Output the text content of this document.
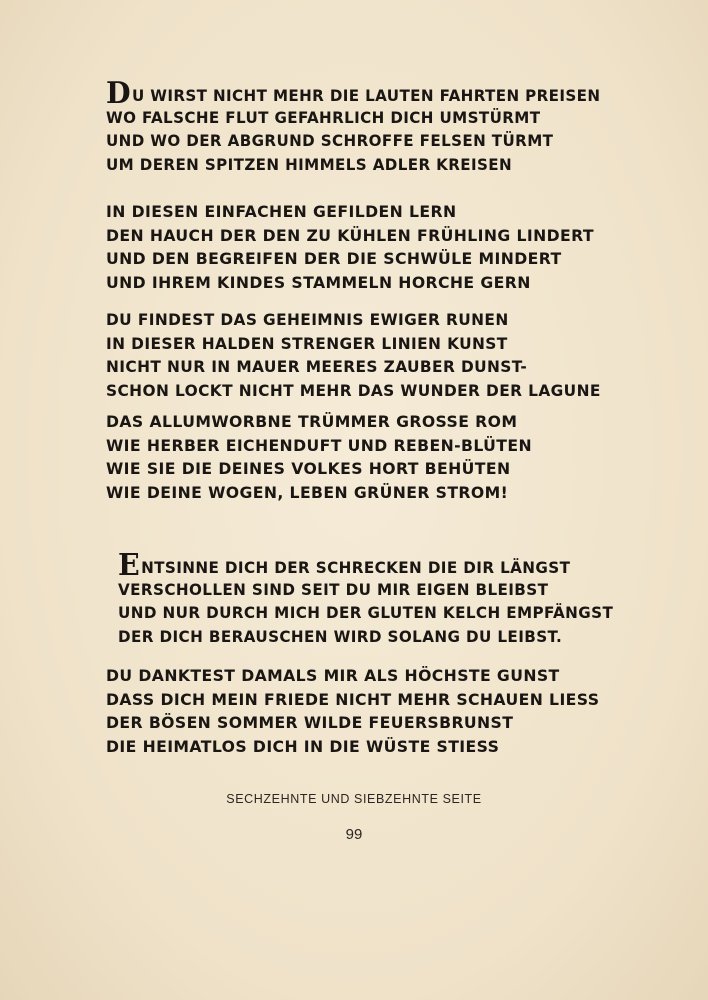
DU WIRST NICHT MEHR DIE LAUTEN FAHRTEN PREISEN
WO FALSCHE FLUT GEFAHRLICH DICH UMSTÜRMT
UND WO DER ABGRUND SCHROFFE FELSEN TÜRMT
UM DEREN SPITZEN HIMMELS ADLER KREISEN
IN DIESEN EINFACHEN GEFILDEN LERN
DEN HAUCH DER DEN ZU KÜHLEN FRÜHLING LINDERT
UND DEN BEGREIFEN DER DIE SCHWÜLE MINDERT
UND IHREM KINDES STAMMELN HORCHE GERN
DU FINDEST DAS GEHEIMNIS EWIGER RUNEN
IN DIESER HALDEN STRENGER LINIEN KUNST
NICHT NUR IN MAUER MEERES ZAUBER DUNST-
SCHON LOCKT NICHT MEHR DAS WUNDER DER LAGUNE
DAS ALLUMWORBNE TRÜMMER GROSSE ROM
WIE HERBER EICHENDUFT UND REBEN-BLÜTEN
WIE SIE DIE DEINES VOLKES HORT BEHÜTEN
WIE DEINE WOGEN, LEBEN GRÜNER STROM!
ENTSINNE DICH DER SCHRECKEN DIE DIR LÄNGST
VERSCHOLLEN SIND SEIT DU MIR EIGEN BLEIBST
UND NUR DURCH MICH DER GLUTEN KELCH EMPFÄNGST
DER DICH BERAUSCHEN WIRD SOLANG DU LEIBST.
DU DANKTEST DAMALS MIR ALS HÖCHSTE GUNST
DASS DICH MEIN FRIEDE NICHT MEHR SCHAUEN LIESS
DER BÖSEN SOMMER WILDE FEUERSBRUNST
DIE HEIMATLOS DICH IN DIE WÜSTE STIESS
SECHZEHNTE UND SIEBZEHNTE SEITE
99
